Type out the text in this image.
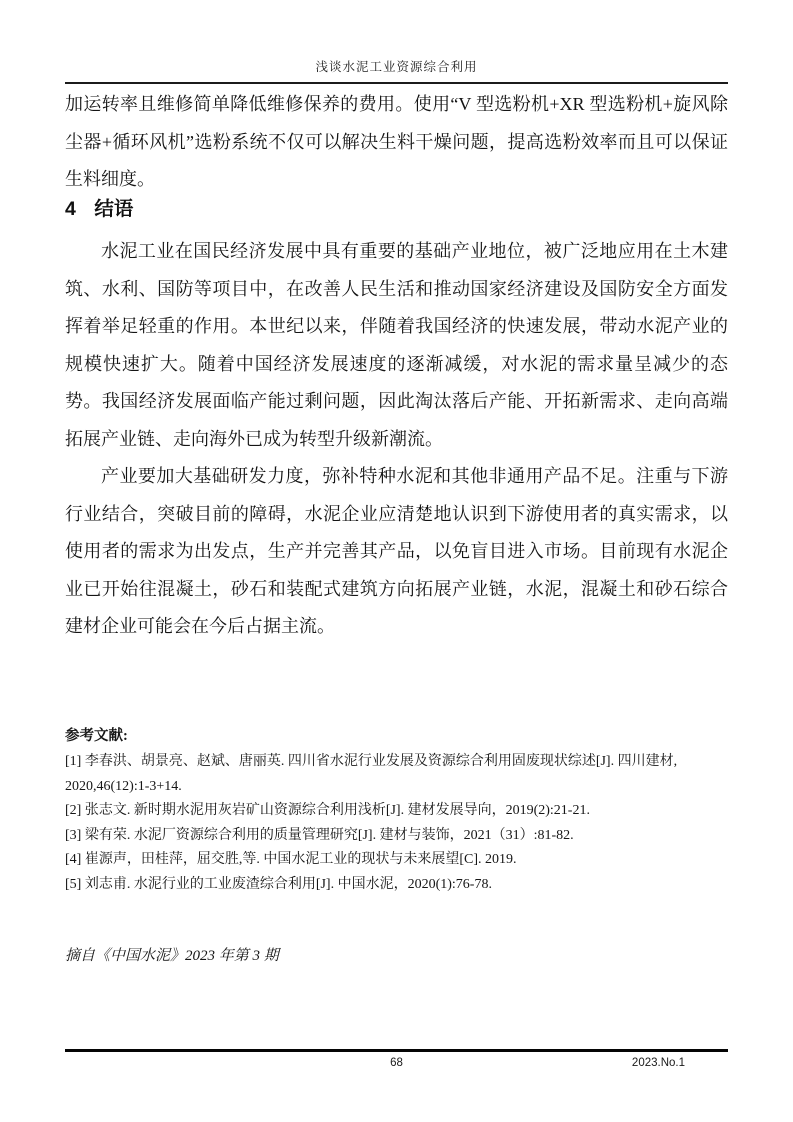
浅谈水泥工业资源综合利用
加运转率且维修简单降低维修保养的费用。使用“V 型选粉机+XR 型选粉机+旋风除尘器+循环风机”选粉系统不仅可以解决生料干燥问题，提高选粉效率而且可以保证生料细度。
4 结语
水泥工业在国民经济发展中具有重要的基础产业地位，被广泛地应用在土木建筑、水利、国防等项目中，在改善人民生活和推动国家经济建设及国防安全方面发挥着举足轻重的作用。本世纪以来，伴随着我国经济的快速发展，带动水泥产业的规模快速扩大。随着中国经济发展速度的逐渐减缓，对水泥的需求量呈减少的态势。我国经济发展面临产能过剩问题，因此淘汰落后产能、开拓新需求、走向高端拓展产业链、走向海外已成为转型升级新潮流。
产业要加大基础研发力度，弥补特种水泥和其他非通用产品不足。注重与下游行业结合，突破目前的障碍，水泥企业应清楚地认识到下游使用者的真实需求，以使用者的需求为出发点，生产并完善其产品，以免盲目进入市场。目前现有水泥企业已开始往混凝土，砂石和装配式建筑方向拓展产业链，水泥，混凝土和砂石综合建材企业可能会在今后占据主流。
参考文献:

[1] 李春洪、胡景亮、赵斌、唐丽英. 四川省水泥行业发展及资源综合利用固废现状综述[J]. 四川建材, 2020,46(12):1-3+14.

[2] 张志文. 新时期水泥用灰岩矿山资源综合利用浅析[J]. 建材发展导向，2019(2):21-21.

[3] 梁有荣. 水泥厂资源综合利用的质量管理研究[J]. 建材与装饰，2021（31）:81-82.

[4] 崔源声，田桂萍，屈交胜,等. 中国水泥工业的现状与未来展望[C]. 2019.

[5] 刘志甫. 水泥行业的工业废渣综合利用[J]. 中国水泥，2020(1):76-78.

摘自《中国水泥》2023 年第 3 期
68	2023.No.1
